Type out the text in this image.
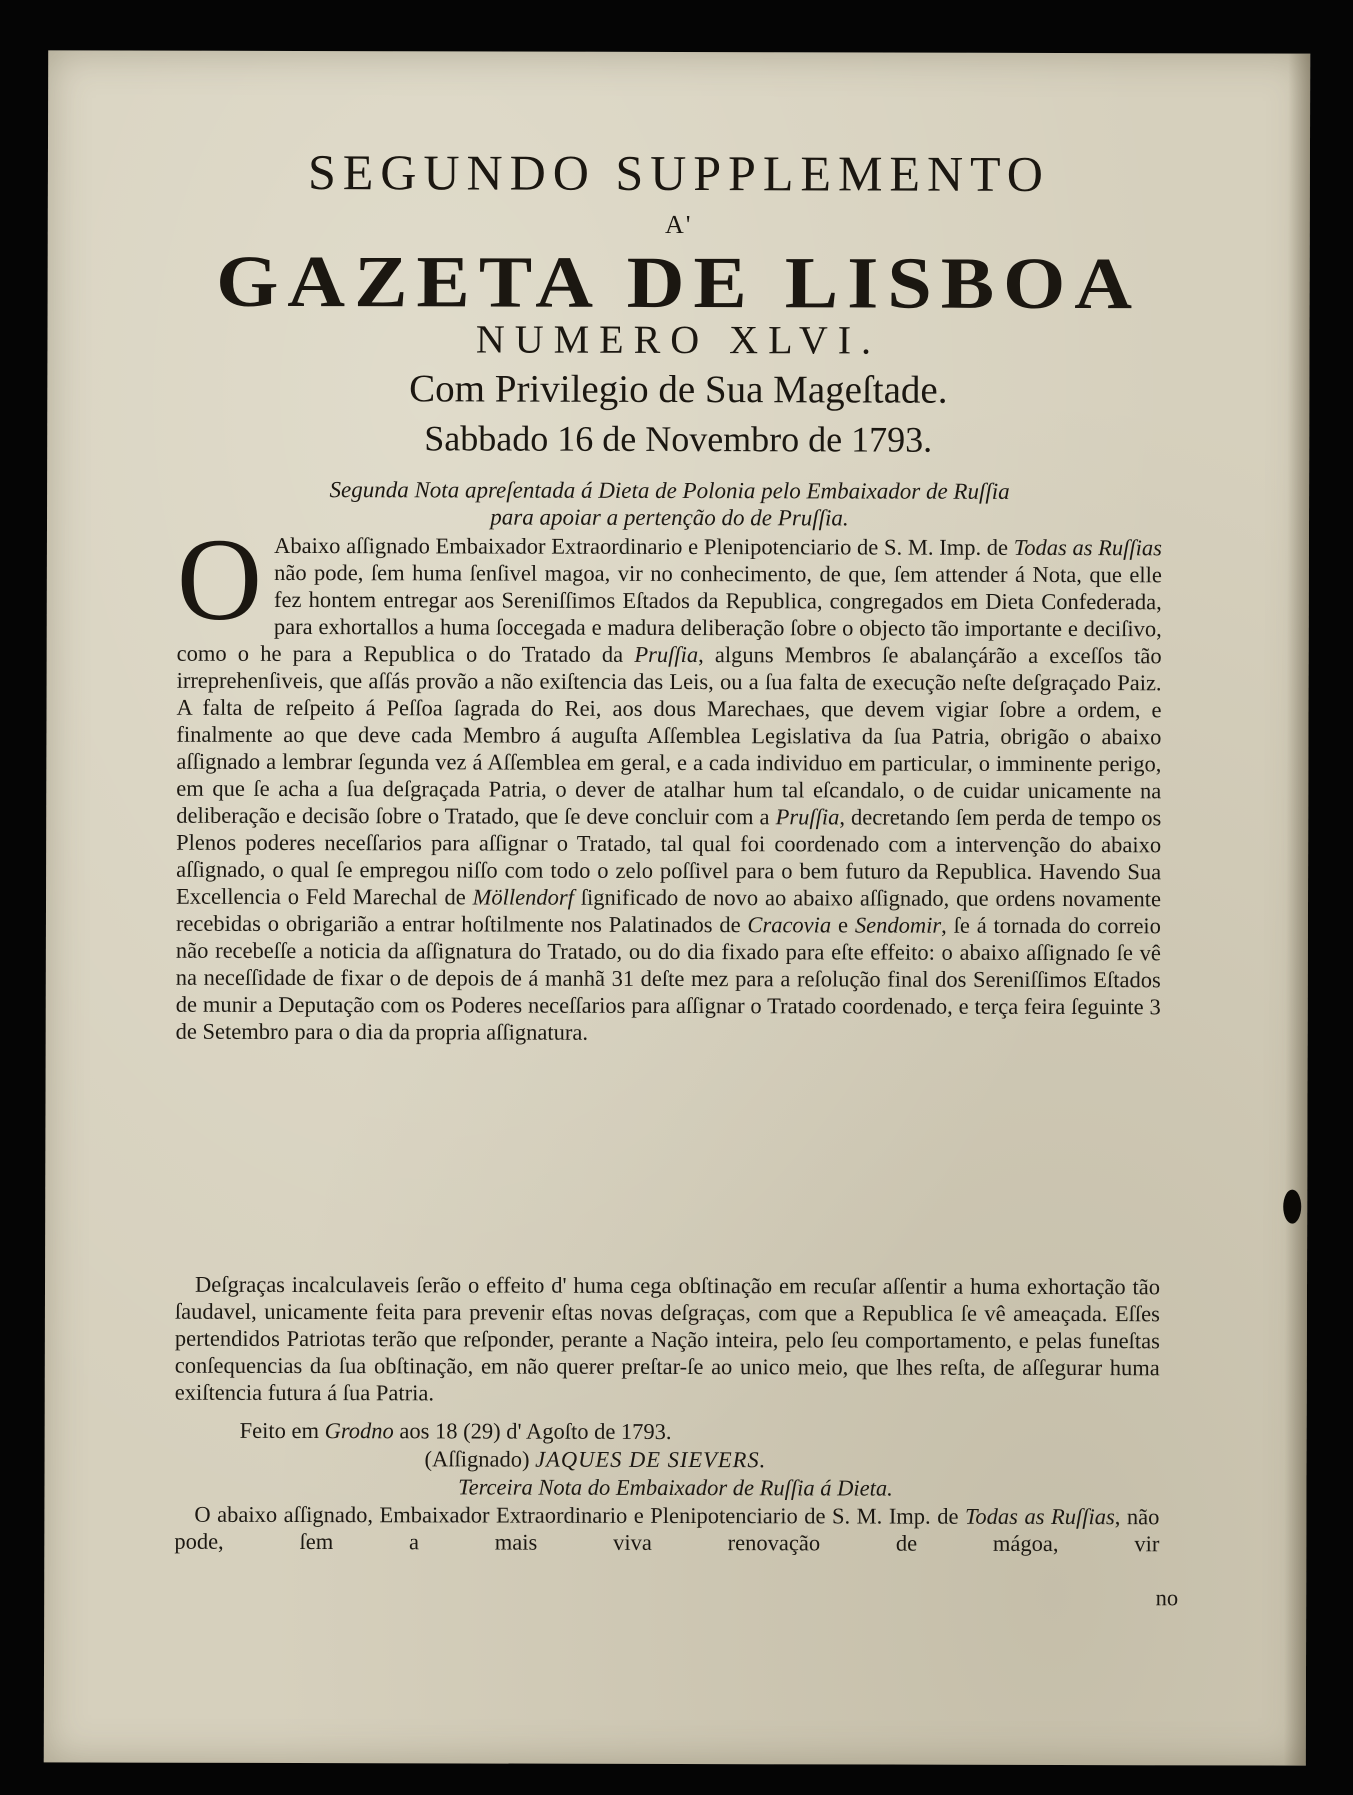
SEGUNDO SUPPLEMENTO
A'
GAZETA DE LISBOA
NUMERO XLVI.
Com Privilegio de Sua Mageſtade.
Sabbado 16 de Novembro de 1793.
Segunda Nota apreſentada á Dieta de Polonia pelo Embaixador de Ruſſia
para apoiar a pertenção do de Pruſſia.
O Abaixo aſſignado Embaixador Extraordinario e Plenipotenciario de S. M. Imp. de Todas as Ruſſias não pode, ſem huma ſenſivel magoa, vir no conhecimento, de que, ſem attender á Nota, que elle fez hontem entregar aos Sereniſſimos Eſtados da Republica, congregados em Dieta Confederada, para exhortallos a huma ſoccegada e madura deliberação ſobre o objecto tão importante e deciſivo, como o he para a Republica o do Tratado da Pruſſia, alguns Membros ſe abalançárão a exceſſos tão irreprehenſiveis, que aſſás provão a não exiſtencia das Leis, ou a ſua falta de execução neſte deſgraçado Paiz. A falta de reſpeito á Peſſoa ſagrada do Rei, aos dous Marechaes, que devem vigiar ſobre a ordem, e finalmente ao que deve cada Membro á auguſta Aſſemblea Legislativa da ſua Patria, obrigão o abaixo aſſignado a lembrar ſegunda vez á Aſſemblea em geral, e a cada individuo em particular, o imminente perigo, em que ſe acha a ſua deſgraçada Patria, o dever de atalhar hum tal eſcandalo, o de cuidar unicamente na deliberação e decisão ſobre o Tratado, que ſe deve concluir com a Pruſſia, decretando ſem perda de tempo os Plenos poderes neceſſarios para aſſignar o Tratado, tal qual foi coordenado com a intervenção do abaixo aſſignado, o qual ſe empregou niſſo com todo o zelo poſſivel para o bem futuro da Republica. Havendo Sua Excellencia o Feld Marechal de Möllendorf ſignificado de novo ao abaixo aſſignado, que ordens novamente recebidas o obrigarião a entrar hoſtilmente nos Palatinados de Cracovia e Sendomir, ſe á tornada do correio não recebeſſe a noticia da aſſignatura do Tratado, ou do dia fixado para eſte effeito: o abaixo aſſignado ſe vê na neceſſidade de fixar o de depois de á manhã 31 deſte mez para a reſolução final dos Sereniſſimos Eſtados de munir a Deputação com os Poderes neceſſarios para aſſignar o Tratado coordenado, e terça feira ſeguinte 3 de Setembro para o dia da propria aſſignatura.
Deſgraças incalculaveis ſerão o effeito d' huma cega obſtinação em recuſar aſſentir a huma exhortação tão ſaudavel, unicamente feita para prevenir eſtas novas deſgraças, com que a Republica ſe vê ameaçada. Eſſes pertendidos Patriotas terão que reſponder, perante a Nação inteira, pelo ſeu comportamento, e pelas funeſtas conſequencias da ſua obſtinação, em não querer preſtar-ſe ao unico meio, que lhes reſta, de aſſegurar huma exiſtencia futura á ſua Patria.
Feito em Grodno aos 18 (29) d' Agoſto de 1793.
(Aſſignado) JAQUES DE SIEVERS.
Terceira Nota do Embaixador de Ruſſia á Dieta.
O abaixo aſſignado, Embaixador Extraordinario e Plenipotenciario de S. M. Imp. de Todas as Ruſſias, não pode, ſem a mais viva renovação de mágoa, vir
no
